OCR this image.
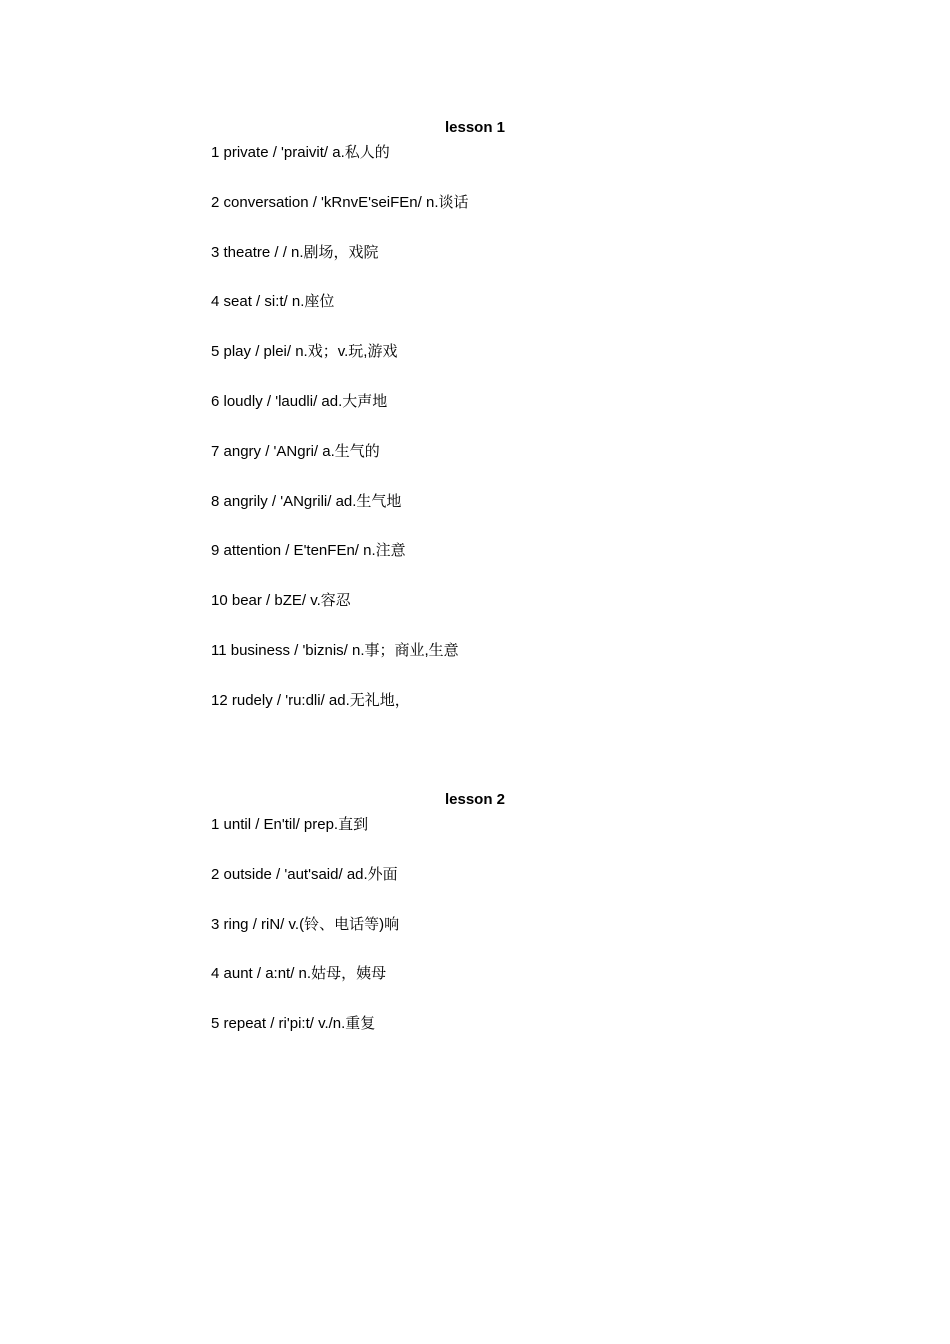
lesson 1
1 private / 'praivit/ a.私人的
2 conversation / 'kRnvE'seiFEn/ n.谈话
3 theatre / / n.剧场，戏院
4 seat / si:t/ n.座位
5 play / plei/ n.戏；v.玩,游戏
6 loudly / 'laudli/ ad.大声地
7 angry / 'ANgri/ a.生气的
8 angrily / 'ANgrili/ ad.生气地
9 attention / E'tenFEn/ n.注意
10 bear / bZE/ v.容忍
11 business / 'biznis/ n.事；商业,生意
12 rudely / 'ru:dli/ ad.无礼地，
lesson 2
1 until / En'til/ prep.直到
2 outside / 'aut'said/ ad.外面
3 ring / riN/ v.(铃、电话等)响
4 aunt / a:nt/ n.姑母，姨母
5 repeat / ri'pi:t/ v./n.重复
